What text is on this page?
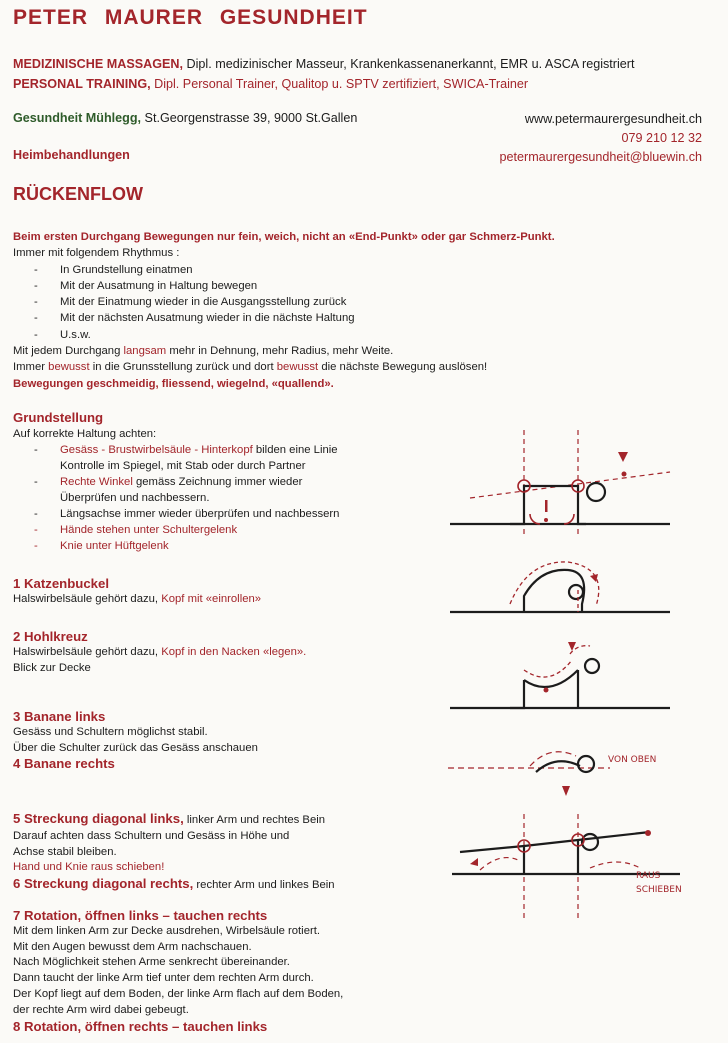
PETER MAURER GESUNDHEIT
MEDIZINISCHE MASSAGEN, Dipl. medizinischer Masseur, Krankenkassenanerkannt, EMR u. ASCA registriert
PERSONAL TRAINING, Dipl. Personal Trainer, Qualitop u. SPTV zertifiziert, SWICA-Trainer
Gesundheit Mühlegg, St.Georgenstrasse 39, 9000 St.Gallen
Heimbehandlungen
www.petermaurergesundheit.ch
079 210 12 32
petermaurergesundheit@bluewin.ch
RÜCKENFLOW
Beim ersten Durchgang Bewegungen nur fein, weich, nicht an «End-Punkt» oder gar Schmerz-Punkt.
Immer mit folgendem Rhythmus :
- In Grundstellung einatmen
- Mit der Ausatmung in Haltung bewegen
- Mit der Einatmung wieder in die Ausgangsstellung zurück
- Mit der nächsten Ausatmung wieder in die nächste Haltung
- U.s.w.
Mit jedem Durchgang langsam mehr in Dehnung, mehr Radius, mehr Weite.
Immer bewusst in die Grunsstellung zurück und dort bewusst die nächste Bewegung auslösen!
Bewegungen geschmeidig, fliessend, wiegelnd, «quallend».
Grundstellung
Auf korrekte Haltung achten:
- Gesäss - Brustwirbelsäule - Hinterkopf bilden eine Linie
Kontrolle im Spiegel, mit Stab oder durch Partner
- Rechte Winkel gemäss Zeichnung immer wieder
Überprüfen und nachbessern.
- Längsachse immer wieder überprüfen und nachbessern
- Hände stehen unter Schultergelenk
- Knie unter Hüftgelenk
1 Katzenbuckel
Halswirbelsäule gehört dazu, Kopf mit «einrollen»
2 Hohlkreuz
Halswirbelsäule gehört dazu, Kopf in den Nacken «legen».
Blick zur Decke
3 Banane links
Gesäss und Schultern möglichst stabil.
Über die Schulter zurück das Gesäss anschauen
4 Banane rechts
5 Streckung diagonal links, linker Arm und rechtes Bein
Darauf achten dass Schultern und Gesäss in Höhe und
Achse stabil bleiben.
Hand und Knie raus schieben!
6 Streckung diagonal rechts, rechter Arm und linkes Bein
7 Rotation, öffnen links – tauchen rechts
Mit dem linken Arm zur Decke ausdrehen, Wirbelsäule rotiert.
Mit den Augen bewusst dem Arm nachschauen.
Nach Möglichkeit stehen Arme senkrecht übereinander.
Dann taucht der linke Arm tief unter dem rechten Arm durch.
Der Kopf liegt auf dem Boden, der linke Arm flach auf dem Boden,
der rechte Arm wird dabei gebeugt.
8 Rotation, öffnen rechts – tauchen links
VON OBEN
RAUS
SCHIEBEN
